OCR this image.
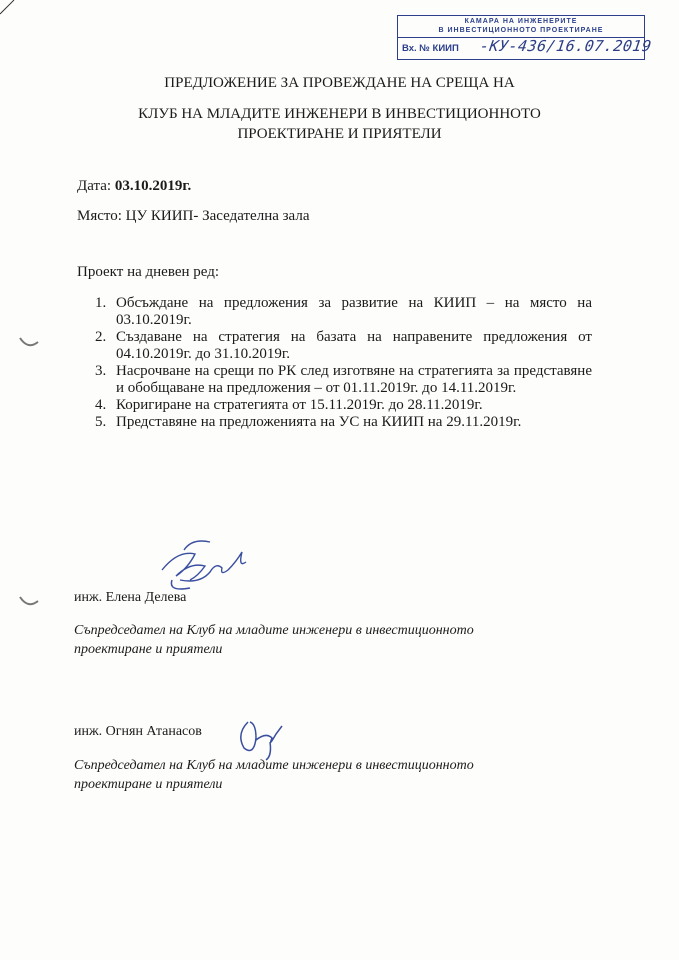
КАМАРА НА ИНЖЕНЕРИТЕ
В ИНВЕСТИЦИОННОТО ПРОЕКТИРАНЕ
Вх. № КИИП -КУ-436/16.07.2019
ПРЕДЛОЖЕНИЕ ЗА ПРОВЕЖДАНЕ НА СРЕЩА НА
КЛУБ НА МЛАДИТЕ ИНЖЕНЕРИ В ИНВЕСТИЦИОННОТО
ПРОЕКТИРАНЕ И ПРИЯТЕЛИ
Дата: 03.10.2019г.
Място: ЦУ КИИП- Заседателна зала
Проект на дневен ред:
1. Обсъждане на предложения за развитие на КИИП – на място на 03.10.2019г.
2. Създаване на стратегия на базата на направените предложения от 04.10.2019г. до 31.10.2019г.
3. Насрочване на срещи по РК след изготвяне на стратегията за представяне и обобщаване на предложения – от 01.11.2019г. до 14.11.2019г.
4. Коригиране на стратегията от 15.11.2019г. до 28.11.2019г.
5. Представяне на предложенията на УС на КИИП на 29.11.2019г.
инж. Елена Делева
Съпредседател на Клуб на младите инженери в инвестиционното проектиране и приятели
инж. Огнян Атанасов
Съпредседател на Клуб на младите инженери в инвестиционното проектиране и приятели
